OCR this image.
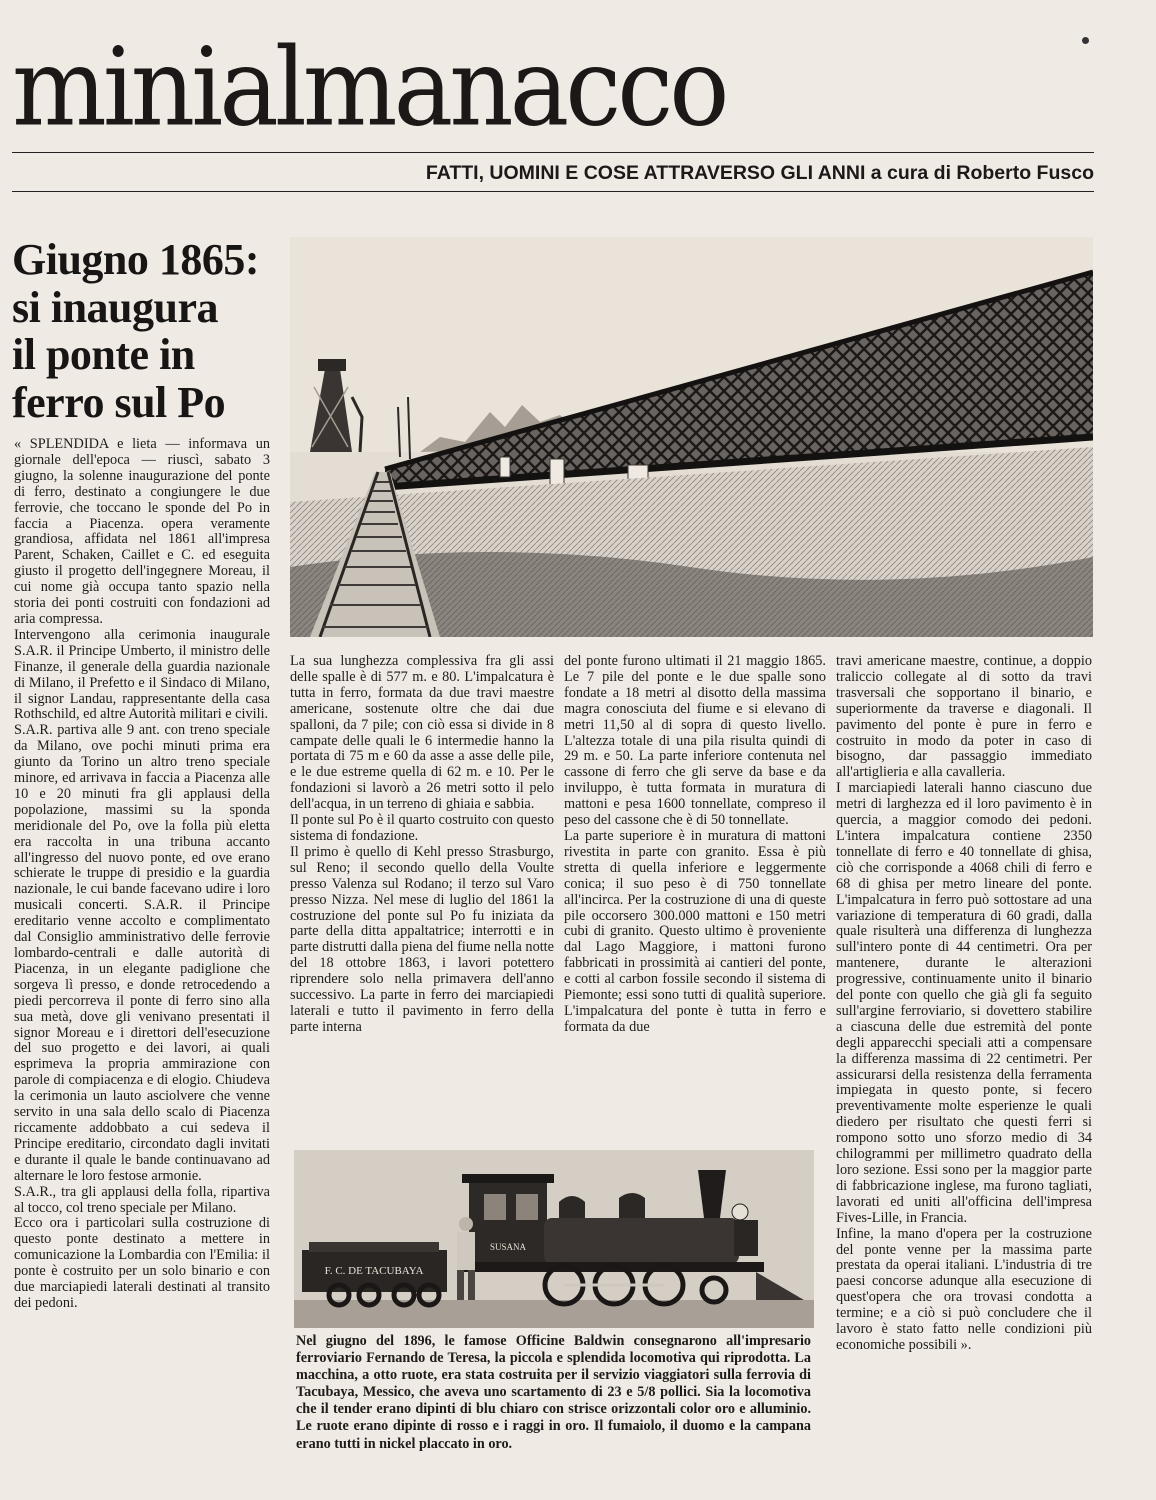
minialmanacco
FATTI, UOMINI E COSE ATTRAVERSO GLI ANNI a cura di Roberto Fusco
Giugno 1865:
si inaugura
il ponte in
ferro sul Po

« SPLENDIDA e lieta — informava un giornale dell'epoca — riuscì, sabato 3 giugno, la solenne inaugurazione del ponte di ferro, destinato a congiungere le due ferrovie, che toccano le sponde del Po in faccia a Piacenza. opera veramente grandiosa, affidata nel 1861 all'impresa Parent, Schaken, Caillet e C. ed eseguita giusto il progetto dell'ingegnere Moreau, il cui nome già occupa tanto spazio nella storia dei ponti costruiti con fondazioni ad aria compressa.

Intervengono alla cerimonia inaugurale S.A.R. il Principe Umberto, il ministro delle Finanze, il generale della guardia nazionale di Milano, il Prefetto e il Sindaco di Milano, il signor Landau, rappresentante della casa Rothschild, ed altre Autorità militari e civili.

S.A.R. partiva alle 9 ant. con treno speciale da Milano, ove pochi minuti prima era giunto da Torino un altro treno speciale minore, ed arrivava in faccia a Piacenza alle 10 e 20 minuti fra gli applausi della popolazione, massimi su la sponda meridionale del Po, ove la folla più eletta era raccolta in una tribuna accanto all'ingresso del nuovo ponte, ed ove erano schierate le truppe di presidio e la guardia nazionale, le cui bande facevano udire i loro musicali concerti. S.A.R. il Principe ereditario venne accolto e complimentato dal Consiglio amministrativo delle ferrovie lombardo-centrali e dalle autorità di Piacenza, in un elegante padiglione che sorgeva lì presso, e donde retrocedendo a piedi percorreva il ponte di ferro sino alla sua metà, dove gli venivano presentati il signor Moreau e i direttori dell'esecuzione del suo progetto e dei lavori, ai quali esprimeva la propria ammirazione con parole di compiacenza e di elogio. Chiudeva la cerimonia un lauto asciolvere che venne servito in una sala dello scalo di Piacenza riccamente addobbato a cui sedeva il Principe ereditario, circondato dagli invitati e durante il quale le bande continuavano ad alternare le loro festose armonie.

S.A.R., tra gli applausi della folla, ripartiva al tocco, col treno speciale per Milano.

Ecco ora i particolari sulla costruzione di questo ponte destinato a mettere in comunicazione la Lombardia con l'Emilia: il ponte è costruito per un solo binario e con due marciapiedi laterali destinati al transito dei pedoni.

La sua lunghezza complessiva fra gli assi delle spalle è di 577 m. e 80. L'impalcatura è tutta in ferro, formata da due travi maestre americane, sostenute oltre che dai due spalloni, da 7 pile; con ciò essa si divide in 8 campate delle quali le 6 intermedie hanno la portata di 75 m e 60 da asse a asse delle pile, e le due estreme quella di 62 m. e 10. Per le fondazioni si lavorò a 26 metri sotto il pelo dell'acqua, in un terreno di ghiaia e sabbia.

Il ponte sul Po è il quarto costruito con questo sistema di fondazione.

Il primo è quello di Kehl presso Strasburgo, sul Reno; il secondo quello della Voulte presso Valenza sul Rodano; il terzo sul Varo presso Nizza. Nel mese di luglio del 1861 la costruzione del ponte sul Po fu iniziata da parte della ditta appaltatrice; interrotti e in parte distrutti dalla piena del fiume nella notte del 18 ottobre 1863, i lavori potettero riprendere solo nella primavera dell'anno successivo. La parte in ferro dei marciapiedi laterali e tutto il pavimento in ferro della parte interna

del ponte furono ultimati il 21 maggio 1865. Le 7 pile del ponte e le due spalle sono fondate a 18 metri al disotto della massima magra conosciuta del fiume e si elevano di metri 11,50 al di sopra di questo livello. L'altezza totale di una pila risulta quindi di 29 m. e 50. La parte inferiore contenuta nel cassone di ferro che gli serve da base e da inviluppo, è tutta formata in muratura di mattoni e pesa 1600 tonnellate, compreso il peso del cassone che è di 50 tonnellate.

La parte superiore è in muratura di mattoni rivestita in parte con granito. Essa è più stretta di quella inferiore e leggermente conica; il suo peso è di 750 tonnellate all'incirca. Per la costruzione di una di queste pile occorsero 300.000 mattoni e 150 metri cubi di granito. Questo ultimo è proveniente dal Lago Maggiore, i mattoni furono fabbricati in prossimità ai cantieri del ponte, e cotti al carbon fossile secondo il sistema di Piemonte; essi sono tutti di qualità superiore. L'impalcatura del ponte è tutta in ferro e formata da due

travi americane maestre, continue, a doppio traliccio collegate al di sotto da travi trasversali che sopportano il binario, e superiormente da traverse e diagonali. Il pavimento del ponte è pure in ferro e costruito in modo da poter in caso di bisogno, dar passaggio immediato all'artiglieria e alla cavalleria.

I marciapiedi laterali hanno ciascuno due metri di larghezza ed il loro pavimento è in quercia, a maggior comodo dei pedoni. L'intera impalcatura contiene 2350 tonnellate di ferro e 40 tonnellate di ghisa, ciò che corrisponde a 4068 chili di ferro e 68 di ghisa per metro lineare del ponte. L'impalcatura in ferro può sottostare ad una variazione di temperatura di 60 gradi, dalla quale risulterà una differenza di lunghezza sull'intero ponte di 44 centimetri. Ora per mantenere, durante le alterazioni progressive, continuamente unito il binario del ponte con quello che già gli fa seguito sull'argine ferroviario, si dovettero stabilire a ciascuna delle due estremità del ponte degli apparecchi speciali atti a compensare la differenza massima di 22 centimetri. Per assicurarsi della resistenza della ferramenta impiegata in questo ponte, si fecero preventivamente molte esperienze le quali diedero per risultato che questi ferri si rompono sotto uno sforzo medio di 34 chilogrammi per millimetro quadrato della loro sezione. Essi sono per la maggior parte di fabbricazione inglese, ma furono tagliati, lavorati ed uniti all'officina dell'impresa Fives-Lille, in Francia.

Infine, la mano d'opera per la costruzione del ponte venne per la massima parte prestata da operai italiani. L'industria di tre paesi concorse adunque alla esecuzione di quest'opera che ora trovasi condotta a termine; e a ciò si può concludere che il lavoro è stato fatto nelle condizioni più economiche possibili ».

F. C. DE TACUBAYA
SUSANA
Nel giugno del 1896, le famose Officine Baldwin consegnarono all'impresario ferroviario Fernando de Teresa, la piccola e splendida locomotiva qui riprodotta. La macchina, a otto ruote, era stata costruita per il servizio viaggiatori sulla ferrovia di Tacubaya, Messico, che aveva uno scartamento di 23 e 5/8 pollici. Sia la locomotiva che il tender erano dipinti di blu chiaro con strisce orizzontali color oro e alluminio. Le ruote erano dipinte di rosso e i raggi in oro. Il fumaiolo, il duomo e la campana erano tutti in nickel placcato in oro.
